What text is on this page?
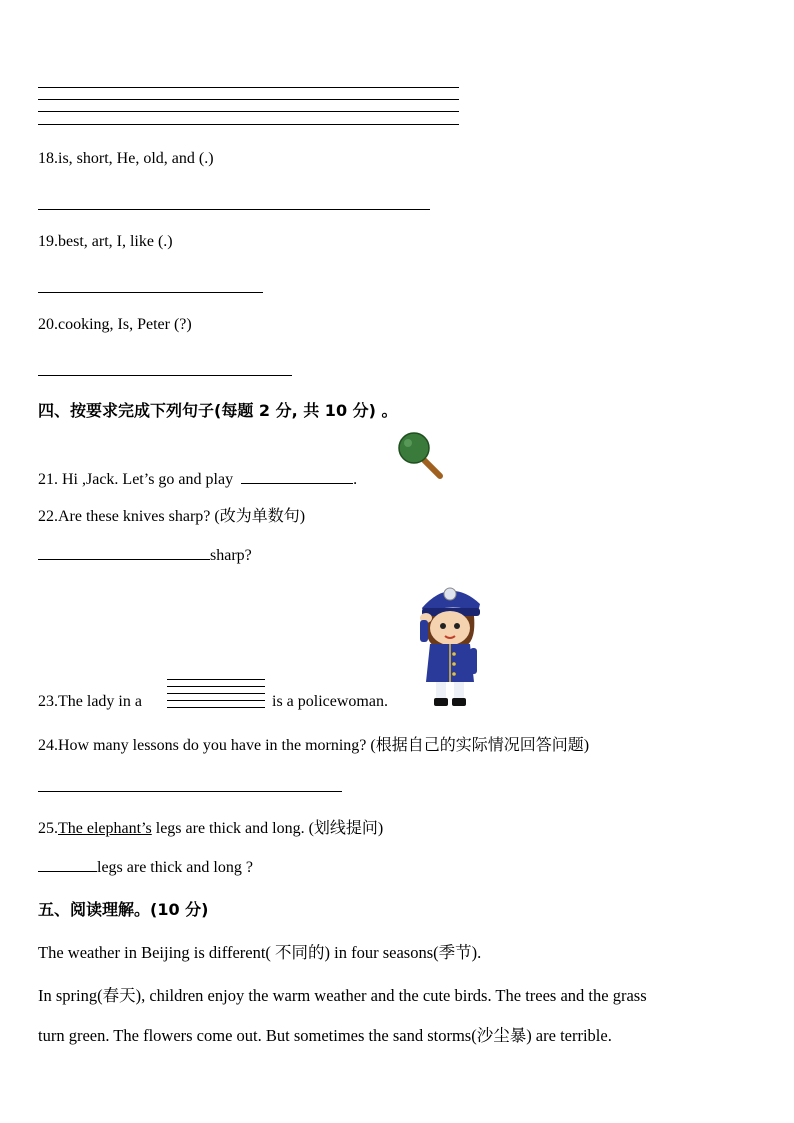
18.is, short, He, old, and (.)
19.best, art, I, like (.)
20.cooking, Is, Peter (?)
四、按要求完成下列句子(每题 2 分, 共 10 分) 。
21. Hi ,Jack. Let’s go and play	.
22.Are these knives sharp? (改为单数句)
sharp?
23.The lady in a	is a policewoman.
24.How many lessons do you have in the morning? (根据自己的实际情况回答问题)
25.The elephant’s legs are thick and long. (划线提问)
legs are thick and long ?
五、阅读理解。(10 分)
The weather in Beijing is different( 不同的) in four seasons(季节).
In spring(春天), children enjoy the warm weather and the cute birds. The trees and the grass
turn green. The flowers come out. But sometimes the sand storms(沙尘暴) are terrible.
